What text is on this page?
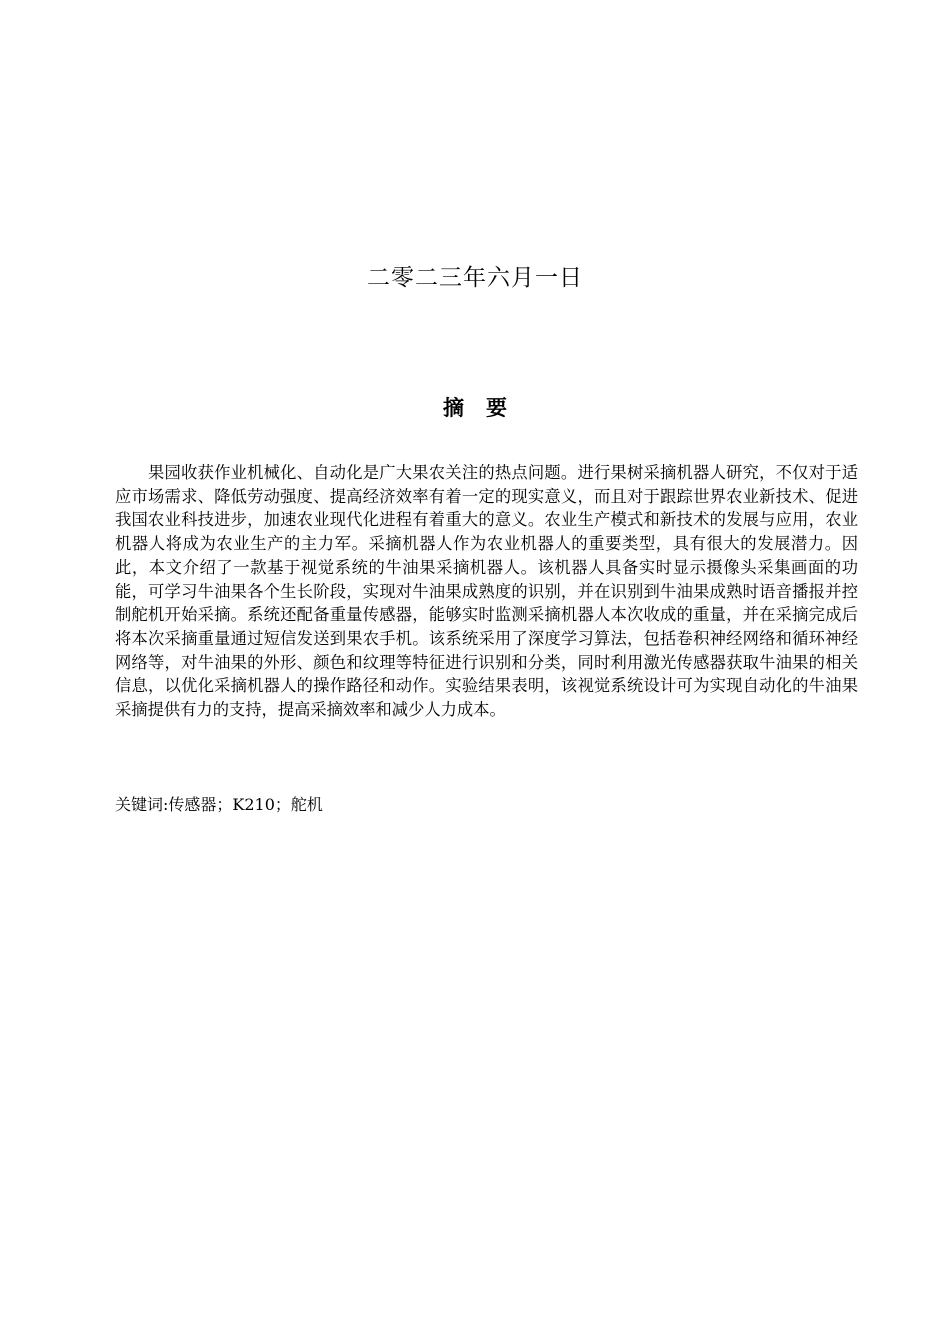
二零二三年六月一日
摘要

果园收获作业机械化、自动化是广大果农关注的热点问题。进行果树采摘机器人研究，不仅对于适应市场需求、降低劳动强度、提高经济效率有着一定的现实意义，而且对于跟踪世界农业新技术、促进我国农业科技进步，加速农业现代化进程有着重大的意义。农业生产模式和新技术的发展与应用，农业机器人将成为农业生产的主力军。采摘机器人作为农业机器人的重要类型，具有很大的发展潜力。因此，本文介绍了一款基于视觉系统的牛油果采摘机器人。该机器人具备实时显示摄像头采集画面的功能，可学习牛油果各个生长阶段，实现对牛油果成熟度的识别，并在识别到牛油果成熟时语音播报并控制舵机开始采摘。系统还配备重量传感器，能够实时监测采摘机器人本次收成的重量，并在采摘完成后将本次采摘重量通过短信发送到果农手机。该系统采用了深度学习算法，包括卷积神经网络和循环神经网络等，对牛油果的外形、颜色和纹理等特征进行识别和分类，同时利用激光传感器获取牛油果的相关信息，以优化采摘机器人的操作路径和动作。实验结果表明，该视觉系统设计可为实现自动化的牛油果采摘提供有力的支持，提高采摘效率和减少人力成本。

关键词:传感器；K210；舵机
